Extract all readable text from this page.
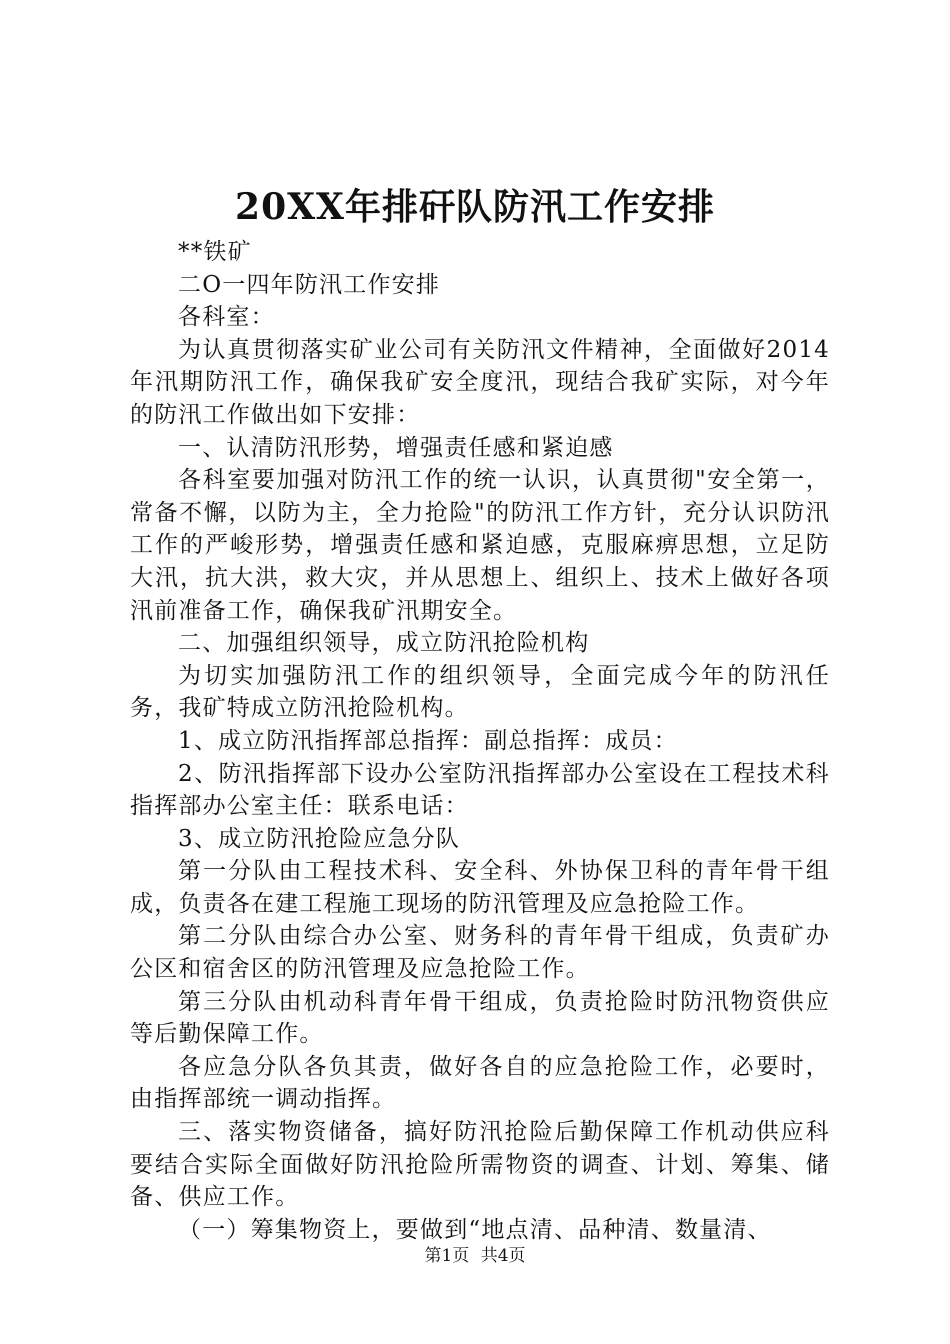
20XX年排矸队防汛工作安排

**铁矿

二O一四年防汛工作安排

各科室：

为认真贯彻落实矿业公司有关防汛文件精神，全面做好2014年汛期防汛工作，确保我矿安全度汛，现结合我矿实际，对今年的防汛工作做出如下安排：

一、认清防汛形势，增强责任感和紧迫感

各科室要加强对防汛工作的统一认识，认真贯彻"安全第一，常备不懈，以防为主，全力抢险"的防汛工作方针，充分认识防汛工作的严峻形势，增强责任感和紧迫感，克服麻痹思想，立足防大汛，抗大洪，救大灾，并从思想上、组织上、技术上做好各项汛前准备工作，确保我矿汛期安全。

二、加强组织领导，成立防汛抢险机构

为切实加强防汛工作的组织领导，全面完成今年的防汛任务，我矿特成立防汛抢险机构。

1、成立防汛指挥部总指挥：副总指挥：成员：

2、防汛指挥部下设办公室防汛指挥部办公室设在工程技术科指挥部办公室主任：联系电话：

3、成立防汛抢险应急分队

第一分队由工程技术科、安全科、外协保卫科的青年骨干组成，负责各在建工程施工现场的防汛管理及应急抢险工作。

第二分队由综合办公室、财务科的青年骨干组成，负责矿办公区和宿舍区的防汛管理及应急抢险工作。

第三分队由机动科青年骨干组成，负责抢险时防汛物资供应等后勤保障工作。

各应急分队各负其责，做好各自的应急抢险工作，必要时，由指挥部统一调动指挥。

三、落实物资储备，搞好防汛抢险后勤保障工作机动供应科要结合实际全面做好防汛抢险所需物资的调查、计划、筹集、储备、供应工作。

（一）筹集物资上，要做到“地点清、品种清、数量清、

第1页 共4页
